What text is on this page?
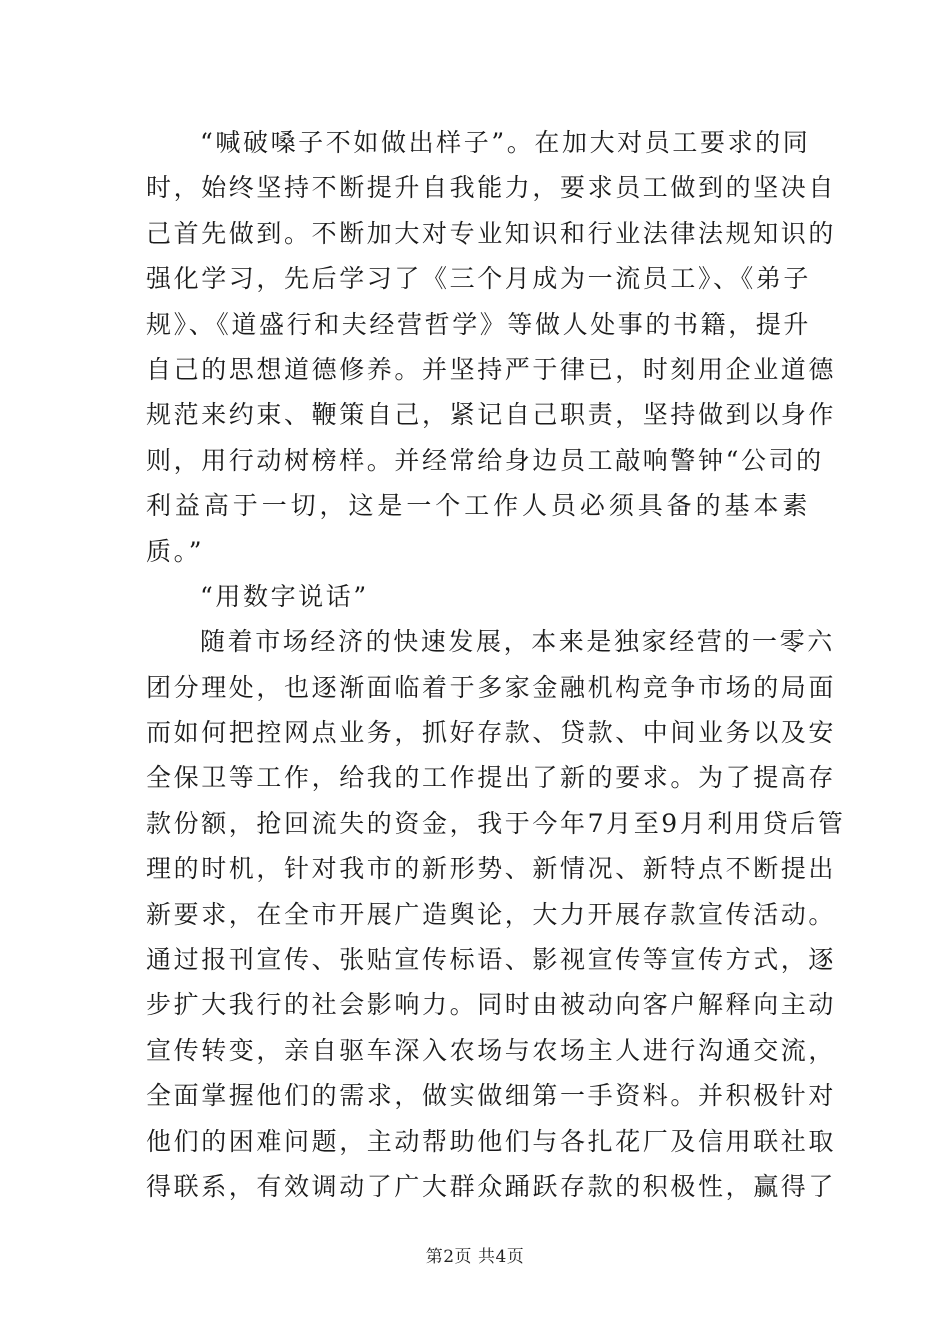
“喊破嗓子不如做出样子”。在加大对员工要求的同
时，始终坚持不断提升自我能力，要求员工做到的坚决自
己首先做到。不断加大对专业知识和行业法律法规知识的
强化学习，先后学习了《三个月成为一流员工》、《弟子
规》、《道盛行和夫经营哲学》等做人处事的书籍，提升
自己的思想道德修养。并坚持严于律已，时刻用企业道德
规范来约束、鞭策自己，紧记自己职责，坚持做到以身作
则，用行动树榜样。并经常给身边员工敲响警钟“公司的
利益高于一切，这是一个工作人员必须具备的基本素
质。”
“用数字说话”
随着市场经济的快速发展，本来是独家经营的一零六
团分理处，也逐渐面临着于多家金融机构竞争市场的局面
而如何把控网点业务，抓好存款、贷款、中间业务以及安
全保卫等工作，给我的工作提出了新的要求。为了提高存
款份额，抢回流失的资金，我于今年7月至9月利用贷后管
理的时机，针对我市的新形势、新情况、新特点不断提出
新要求，在全市开展广造舆论，大力开展存款宣传活动。
通过报刊宣传、张贴宣传标语、影视宣传等宣传方式，逐
步扩大我行的社会影响力。同时由被动向客户解释向主动
宣传转变，亲自驱车深入农场与农场主人进行沟通交流，
全面掌握他们的需求，做实做细第一手资料。并积极针对
他们的困难问题，主动帮助他们与各扎花厂及信用联社取
得联系，有效调动了广大群众踊跃存款的积极性，赢得了
第2页 共4页
